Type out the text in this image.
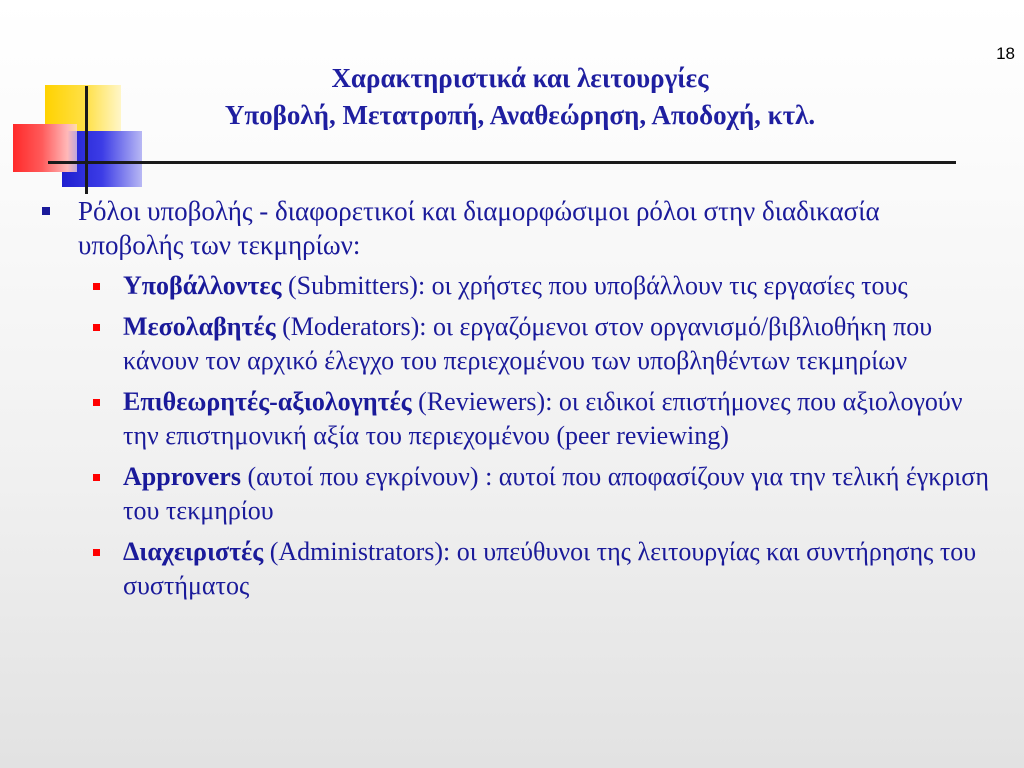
18
Χαρακτηριστικά και λειτουργίες
Υποβολή, Μετατροπή, Αναθεώρηση, Αποδοχή, κτλ.
Ρόλοι υποβολής - διαφορετικοί και διαμορφώσιμοι ρόλοι στην διαδικασία υποβολής των τεκμηρίων:
Υποβάλλοντες (Submitters): οι χρήστες που υποβάλλουν τις εργασίες τους
Μεσολαβητές (Moderators): οι εργαζόμενοι στον οργανισμό/βιβλιοθήκη που κάνουν τον αρχικό έλεγχο του περιεχομένου των υποβληθέντων τεκμηρίων
Επιθεωρητές-αξιολογητές (Reviewers): οι ειδικοί επιστήμονες που αξιολογούν την επιστημονική αξία του περιεχομένου (peer reviewing)
Approvers (αυτοί που εγκρίνουν) : αυτοί που αποφασίζουν για την τελική έγκριση του τεκμηρίου
Διαχειριστές (Administrators): οι υπεύθυνοι της λειτουργίας και συντήρησης του συστήματος
